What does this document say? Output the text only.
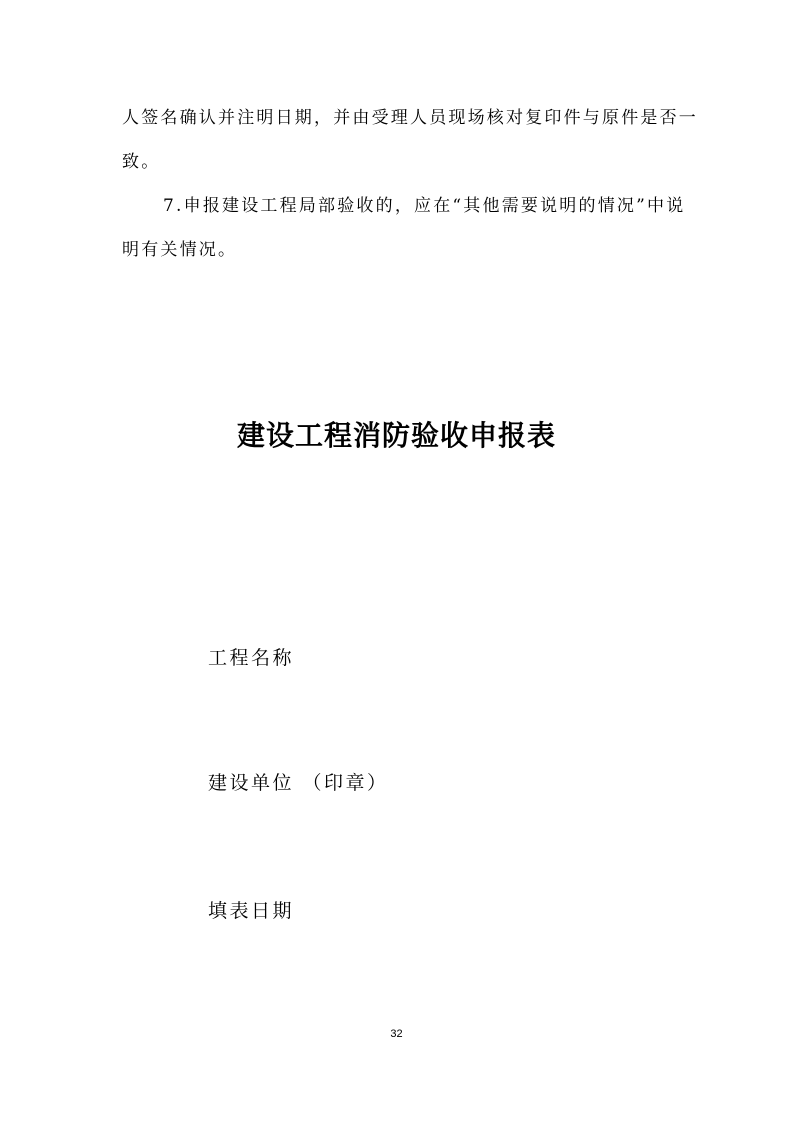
人签名确认并注明日期，并由受理人员现场核对复印件与原件是否一
致。
7.申报建设工程局部验收的，应在“其他需要说明的情况”中说
明有关情况。
建设工程消防验收申报表
工程名称
建设单位 （印章）
填表日期
32
